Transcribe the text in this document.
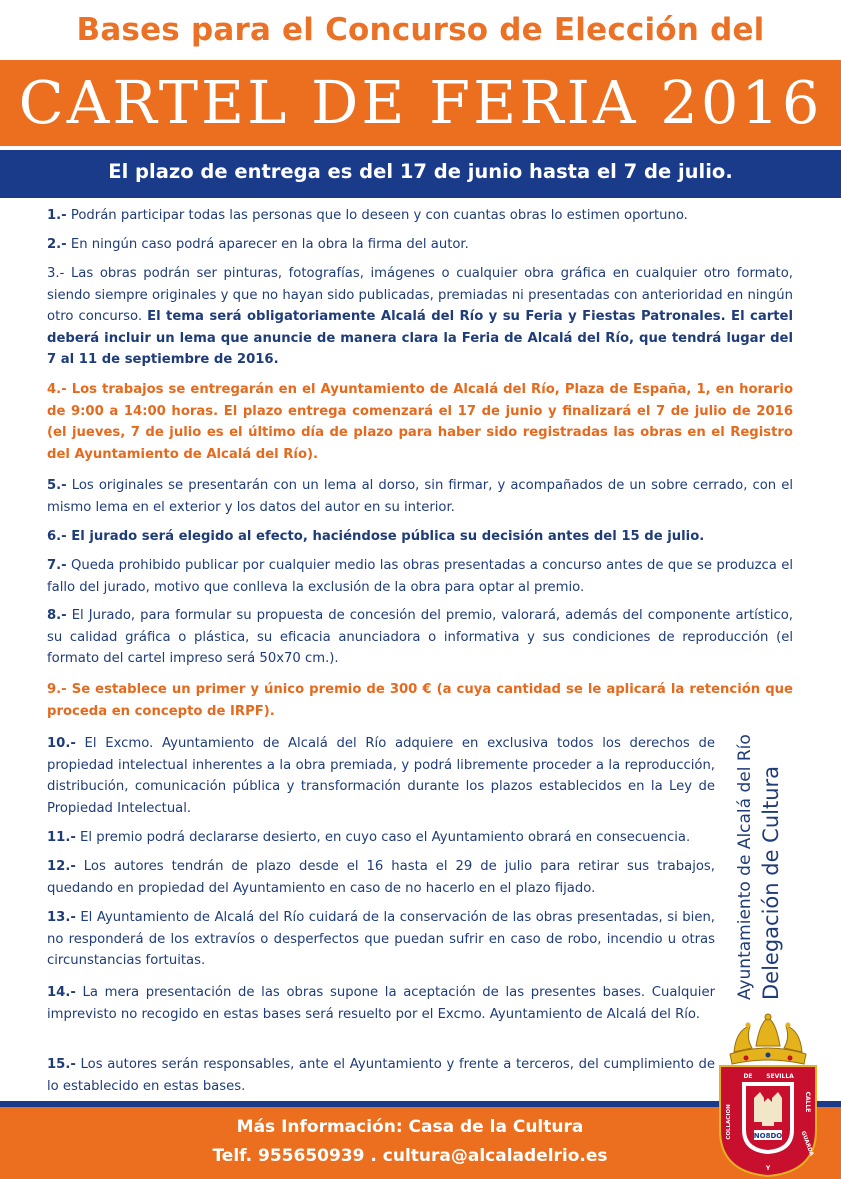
Bases para el Concurso de Elección del
CARTEL DE FERIA 2016
El plazo de entrega es del 17 de junio hasta el 7 de julio.
1.- Podrán participar todas las personas que lo deseen y con cuantas obras lo estimen oportuno.
2.- En ningún caso podrá aparecer en la obra la firma del autor.
3.- Las obras podrán ser pinturas, fotografías, imágenes o cualquier obra gráfica en cualquier otro formato, siendo siempre originales y que no hayan sido publicadas, premiadas ni presentadas con anterioridad en ningún otro concurso. El tema será obligatoriamente Alcalá del Río y su Feria y Fiestas Patronales. El cartel deberá incluir un lema que anuncie de manera clara la Feria de Alcalá del Río, que tendrá lugar del 7 al 11 de septiembre de 2016.
4.- Los trabajos se entregarán en el Ayuntamiento de Alcalá del Río, Plaza de España, 1, en horario de 9:00 a 14:00 horas. El plazo entrega comenzará el 17 de junio y finalizará el 7 de julio de 2016 (el jueves, 7 de julio es el último día de plazo para haber sido registradas las obras en el Registro del Ayuntamiento de Alcalá del Río).
5.- Los originales se presentarán con un lema al dorso, sin firmar, y acompañados de un sobre cerrado, con el mismo lema en el exterior y los datos del autor en su interior.
6.- El jurado será elegido al efecto, haciéndose pública su decisión antes del 15 de julio.
7.- Queda prohibido publicar por cualquier medio las obras presentadas a concurso antes de que se produzca el fallo del jurado, motivo que conlleva la exclusión de la obra para optar al premio.
8.- El Jurado, para formular su propuesta de concesión del premio, valorará, además del componente artístico, su calidad gráfica o plástica, su eficacia anunciadora o informativa y sus condiciones de reproducción (el formato del cartel impreso será 50x70 cm.).
9.- Se establece un primer y único premio de 300 € (a cuya cantidad se le aplicará la retención que proceda en concepto de IRPF).
10.- El Excmo. Ayuntamiento de Alcalá del Río adquiere en exclusiva todos los derechos de propiedad intelectual inherentes a la obra premiada, y podrá libremente proceder a la reproducción, distribución, comunicación pública y transformación durante los plazos establecidos en la Ley de Propiedad Intelectual.
11.- El premio podrá declararse desierto, en cuyo caso el Ayuntamiento obrará en consecuencia.
12.- Los autores tendrán de plazo desde el 16 hasta el 29 de julio para retirar sus trabajos, quedando en propiedad del Ayuntamiento en caso de no hacerlo en el plazo fijado.
13.- El Ayuntamiento de Alcalá del Río cuidará de la conservación de las obras presentadas, si bien, no responderá de los extravíos o desperfectos que puedan sufrir en caso de robo, incendio u otras circunstancias fortuitas.
14.- La mera presentación de las obras supone la aceptación de las presentes bases. Cualquier imprevisto no recogido en estas bases será resuelto por el Excmo. Ayuntamiento de Alcalá del Río.
15.- Los autores serán responsables, ante el Ayuntamiento y frente a terceros, del cumplimiento de lo establecido en estas bases.
Ayuntamiento de Alcalá del Río Delegación de Cultura
Más Información: Casa de la Cultura
Telf. 955650939 . cultura@alcaladelrio.es
NO8DO
DE SEVILLA
CALLE
COLLACION
GUARDA
Y
